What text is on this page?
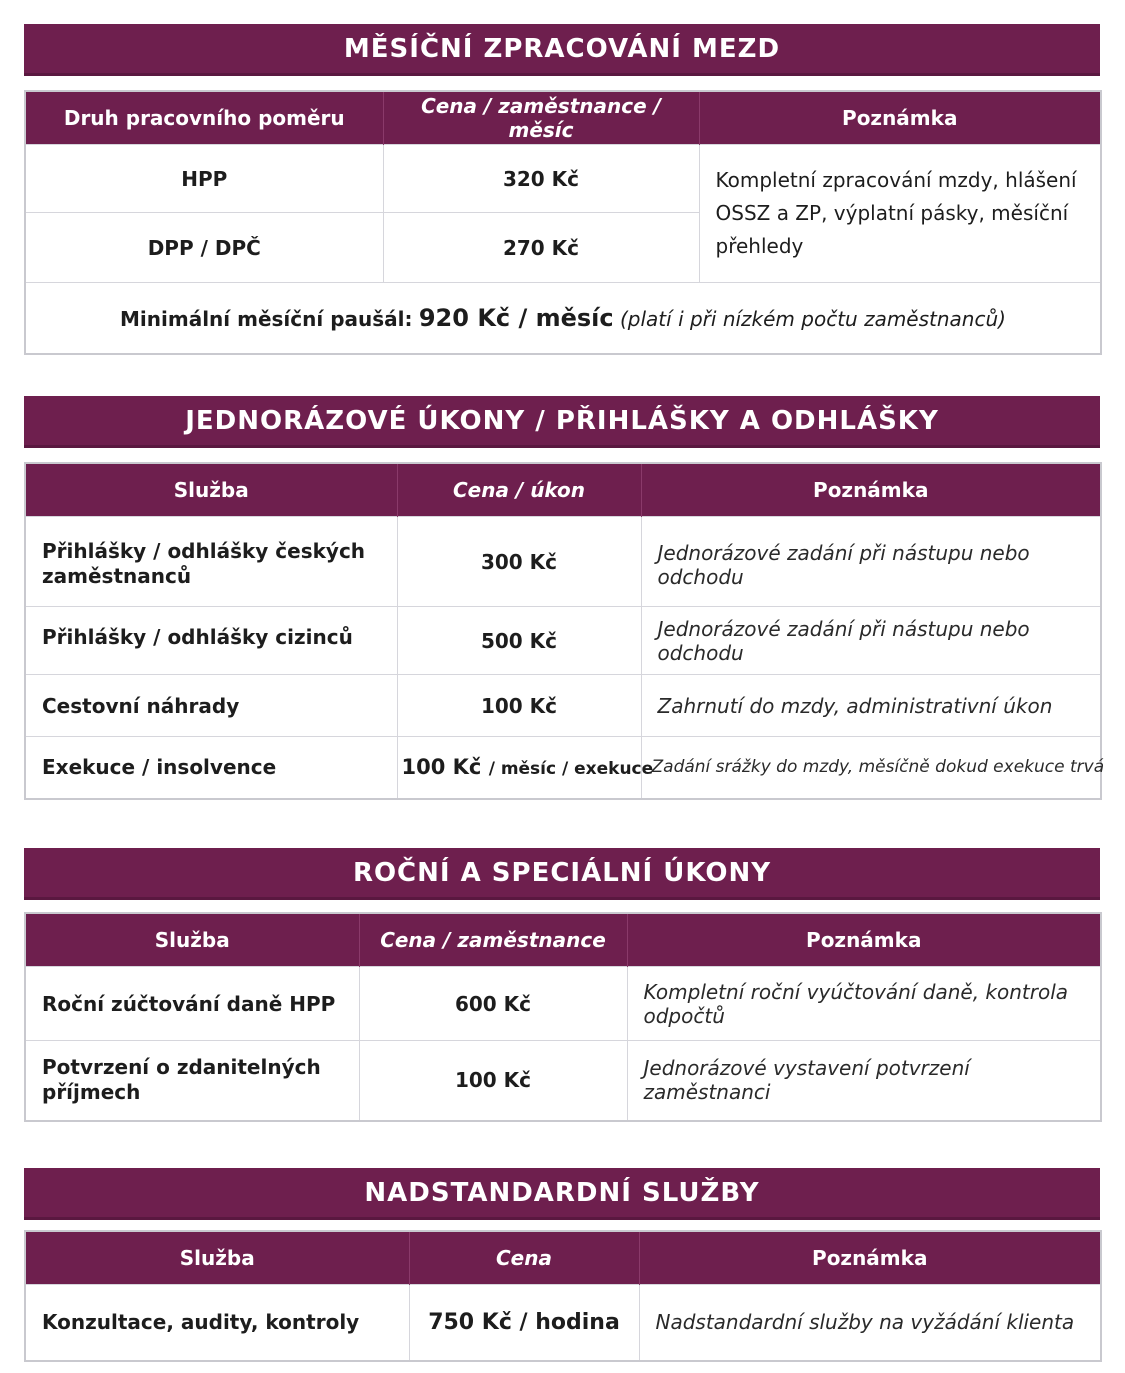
MĚSÍČNÍ ZPRACOVÁNÍ MEZD
Druh pracovního poměru	Cena / zaměstnance / měsíc	Poznámka
HPP	320 Kč	Kompletní zpracování mzdy, hlášení OSSZ a ZP, výplatní pásky, měsíční přehledy
DPP / DPČ	270 Kč	
Minimální měsíční paušál: 920 Kč / měsíc (platí i při nízkém počtu zaměstnanců)		
JEDNORÁZOVÉ ÚKONY / PŘIHLÁŠKY A ODHLÁŠKY
Služba	Cena / úkon	Poznámka
Přihlášky / odhlášky českých zaměstnanců	300 Kč	Jednorázové zadání při nástupu nebo odchodu
Přihlášky / odhlášky cizinců	500 Kč	Jednorázové zadání při nástupu nebo odchodu
Cestovní náhrady	100 Kč	Zahrnutí do mzdy, administrativní úkon
Exekuce / insolvence	100 Kč / měsíc / exekuce	Zadání srážky do mzdy, měsíčně dokud exekuce trvá
ROČNÍ A SPECIÁLNÍ ÚKONY
Služba	Cena / zaměstnance	Poznámka
Roční zúčtování daně HPP	600 Kč	Kompletní roční vyúčtování daně, kontrola odpočtů
Potvrzení o zdanitelných příjmech	100 Kč	Jednorázové vystavení potvrzení zaměstnanci
NADSTANDARDNÍ SLUŽBY
Služba	Cena	Poznámka
Konzultace, audity, kontroly	750 Kč / hodina	Nadstandardní služby na vyžádání klienta
